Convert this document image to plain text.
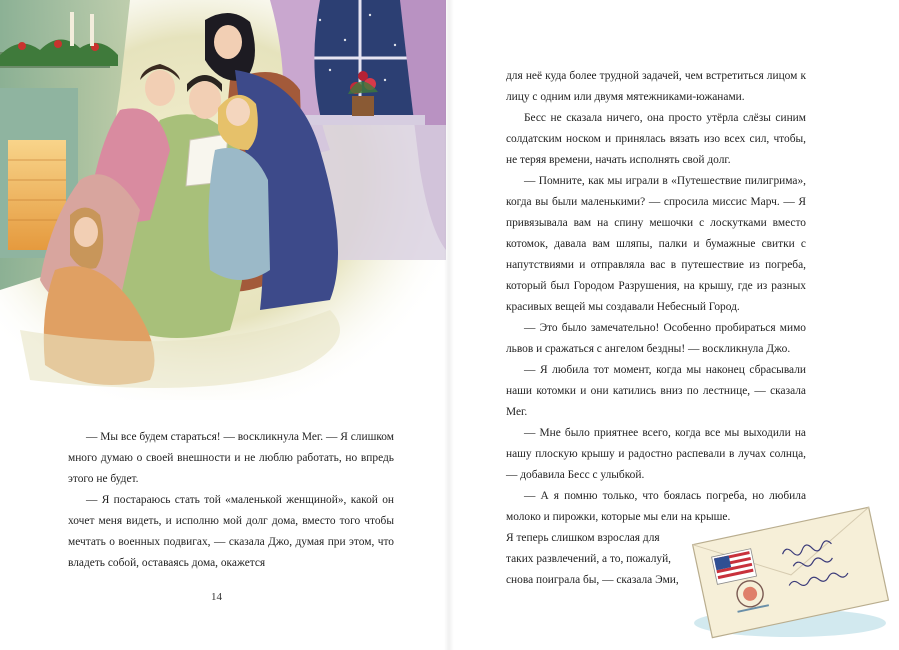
— Мы все будем стараться! — воскликнула Мег. — Я слишком много думаю о своей внешности и не люблю работать, но впредь этого не будет.

— Я постараюсь стать той «маленькой женщиной», какой он хочет меня видеть, и исполню мой долг дома, вместо того чтобы мечтать о военных подвигах, — сказала Джо, думая при этом, что владеть собой, оставаясь дома, окажется

14

для неё куда более трудной задачей, чем встретиться лицом к лицу с одним или двумя мятежниками-южанами.

Бесс не сказала ничего, она просто утёрла слёзы синим солдатским носком и принялась вязать изо всех сил, чтобы, не теряя времени, начать исполнять свой долг.

— Помните, как мы играли в «Путешествие пилигрима», когда вы были маленькими? — спросила миссис Марч. — Я привязывала вам на спину мешочки с лоскутками вместо котомок, давала вам шляпы, палки и бумажные свитки с напутствиями и отправляла вас в путешествие из погреба, который был Городом Разрушения, на крышу, где из разных красивых вещей мы создавали Небесный Город.

— Это было замечательно! Особенно пробираться мимо львов и сражаться с ангелом бездны! — воскликнула Джо.

— Я любила тот момент, когда мы наконец сбрасывали наши котомки и они катились вниз по лестнице, — сказала Мег.

— Мне было приятнее всего, когда все мы выходили на нашу плоскую крышу и радостно распевали в лучах солнца, — добавила Бесс с улыбкой.

— А я помню только, что боялась погреба, но любила молоко и пирожки, которые мы ели на крыше.

Я теперь слишком взрослая для таких развлечений, а то, пожалуй, снова поиграла бы, — сказала Эми,
